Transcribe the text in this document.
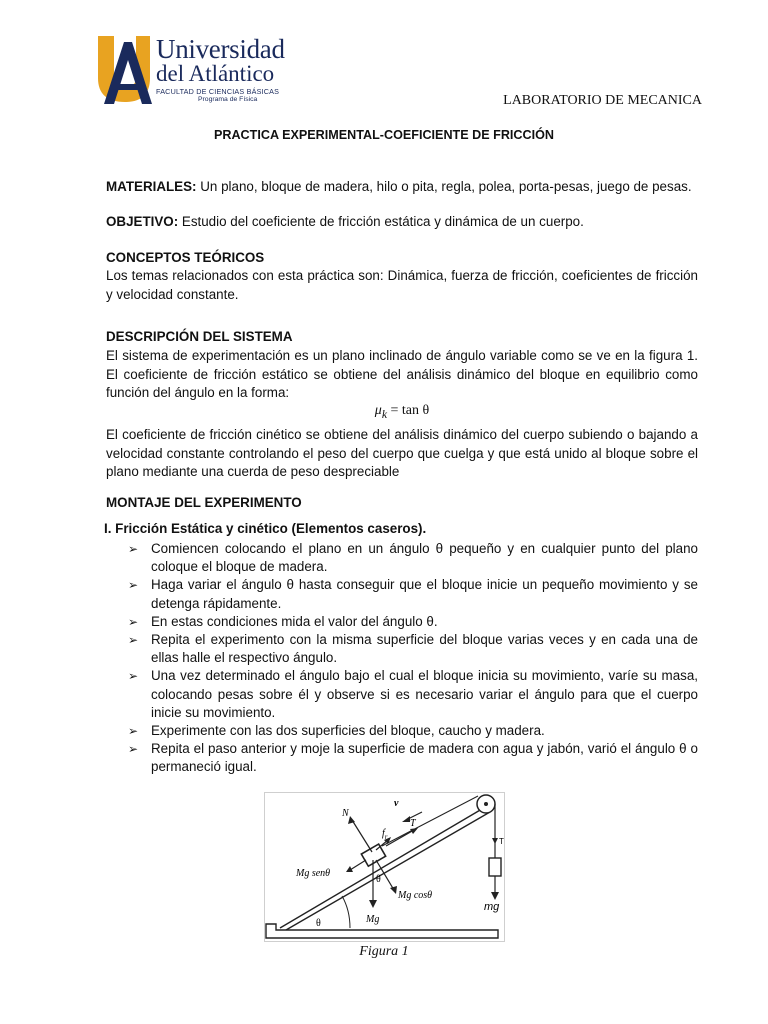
Universidad
del Atlántico
FACULTAD DE CIENCIAS BÁSICAS
Programa de Física	LABORATORIO DE MECANICA
PRACTICA EXPERIMENTAL-COEFICIENTE DE FRICCIÓN
MATERIALES: Un plano, bloque de madera, hilo o pita, regla, polea, porta-pesas, juego de pesas.
OBJETIVO: Estudio del coeficiente de fricción estática y dinámica de un cuerpo.
CONCEPTOS TEÓRICOS
Los temas relacionados con esta práctica son: Dinámica, fuerza de fricción, coeficientes de fricción y velocidad constante.
DESCRIPCIÓN DEL SISTEMA
El sistema de experimentación es un plano inclinado de ángulo variable como se ve en la figura 1. El coeficiente de fricción estático se obtiene del análisis dinámico del bloque en equilibrio como función del ángulo en la forma:
$\mu_k = \tan \theta$
El coeficiente de fricción cinético se obtiene del análisis dinámico del cuerpo subiendo o bajando a velocidad constante controlando el peso del cuerpo que cuelga y que está unido al bloque sobre el plano mediante una cuerda de peso despreciable
MONTAJE DEL EXPERIMENTO
I. Fricción Estática y cinético (Elementos caseros).
➢ Comiencen colocando el plano en un ángulo θ pequeño y en cualquier punto del plano coloque el bloque de madera.
➢ Haga variar el ángulo θ hasta conseguir que el bloque inicie un pequeño movimiento y se detenga rápidamente.
➢ En estas condiciones mida el valor del ángulo θ.
➢ Repita el experimento con la misma superficie del bloque varias veces y en cada una de ellas halle el respectivo ángulo.
➢ Una vez determinado el ángulo bajo el cual el bloque inicia su movimiento, varíe su masa, colocando pesas sobre él y observe si es necesario variar el ángulo para que el cuerpo inicie su movimiento.
➢ Experimente con las dos superficies del bloque, caucho y madera.
➢ Repita el paso anterior y moje la superficie de madera con agua y jabón, varió el ángulo θ o permaneció igual.
N
v
$f_r$
T
T
Mg senθ
θ
Mg cosθ
θ	Mg
mg
Figura 1
